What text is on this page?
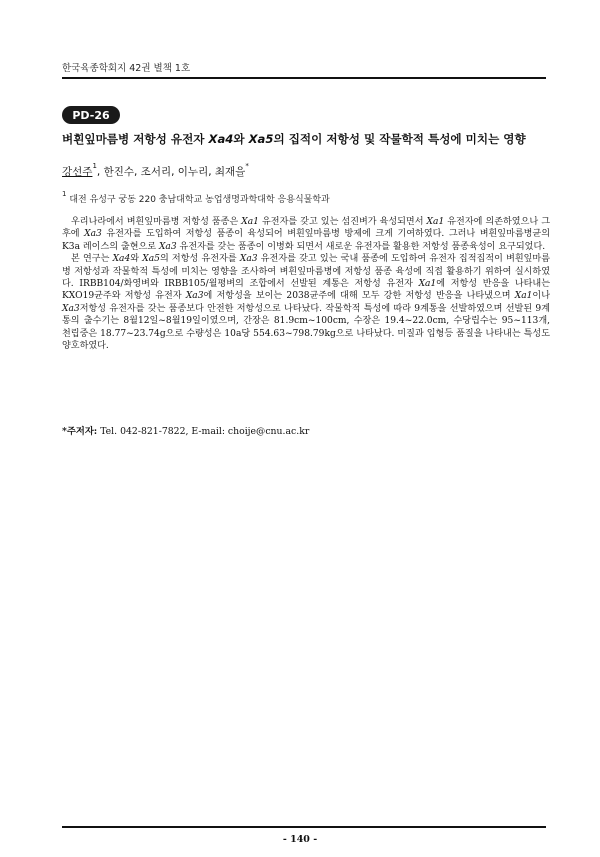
한국육종학회지 42권 별책 1호
PD-26
벼흰잎마름병 저항성 유전자 Xa4와 Xa5의 집적이 저항성 및 작물학적 특성에 미치는 영향
강선주$^1$, 한진수, 조서리, 이누리, 최재을*
$^1$ 대전 유성구 궁동 220 충남대학교 농업생명과학대학 응용식물학과

우리나라에서 벼흰잎마름병 저항성 품종은 Xa1 유전자를 갖고 있는 섬진벼가 육성되면서 Xa1 유전자에 의존하였으나 그 후에 Xa3 유전자를 도입하여 저항성 품종이 육성되어 벼흰잎마름병 방제에 크게 기여하였다. 그러나 벼흰잎마름병균의 K3a 레이스의 출현으로 Xa3 유전자를 갖는 품종이 이병화 되면서 새로운 유전자를 활용한 저항성 품종육성이 요구되었다.

본 연구는 Xa4와 Xa5의 저항성 유전자를 Xa3 유전자를 갖고 있는 국내 품종에 도입하여 유전자 집적집적이 벼흰잎마름병 저항성과 작물학적 특성에 미치는 영향을 조사하여 벼흰잎마름병에 저항성 품종 육성에 직접 활용하기 위하여 실시하였다. IRBB104/화영벼와 IRBB105/월평벼의 조합에서 선발된 계통은 저항성 유전자 Xa1에 저항성 반응을 나타내는 KXO19균주와 저항성 유전자 Xa3에 저항성을 보이는 2038균주에 대해 모두 강한 저항성 반응을 나타냈으며 Xa1이나 Xa3저항성 유전자를 갖는 품종보다 안전한 저항성으로 나타났다. 작물학적 특성에 따라 9계통을 선발하였으며 선발된 9계통의 출수기는 8월12일~8월19일이였으며, 간장은 81.9cm~100cm, 수장은 19.4~22.0cm, 수당립수는 95~113개, 천립중은 18.77~23.74g으로 수량성은 10a당 554.63~798.79kg으로 나타났다. 미질과 입형등 품질을 나타내는 특성도 양호하였다.

*주저자: Tel. 042-821-7822, E-mail: choije@cnu.ac.kr
- 140 -
